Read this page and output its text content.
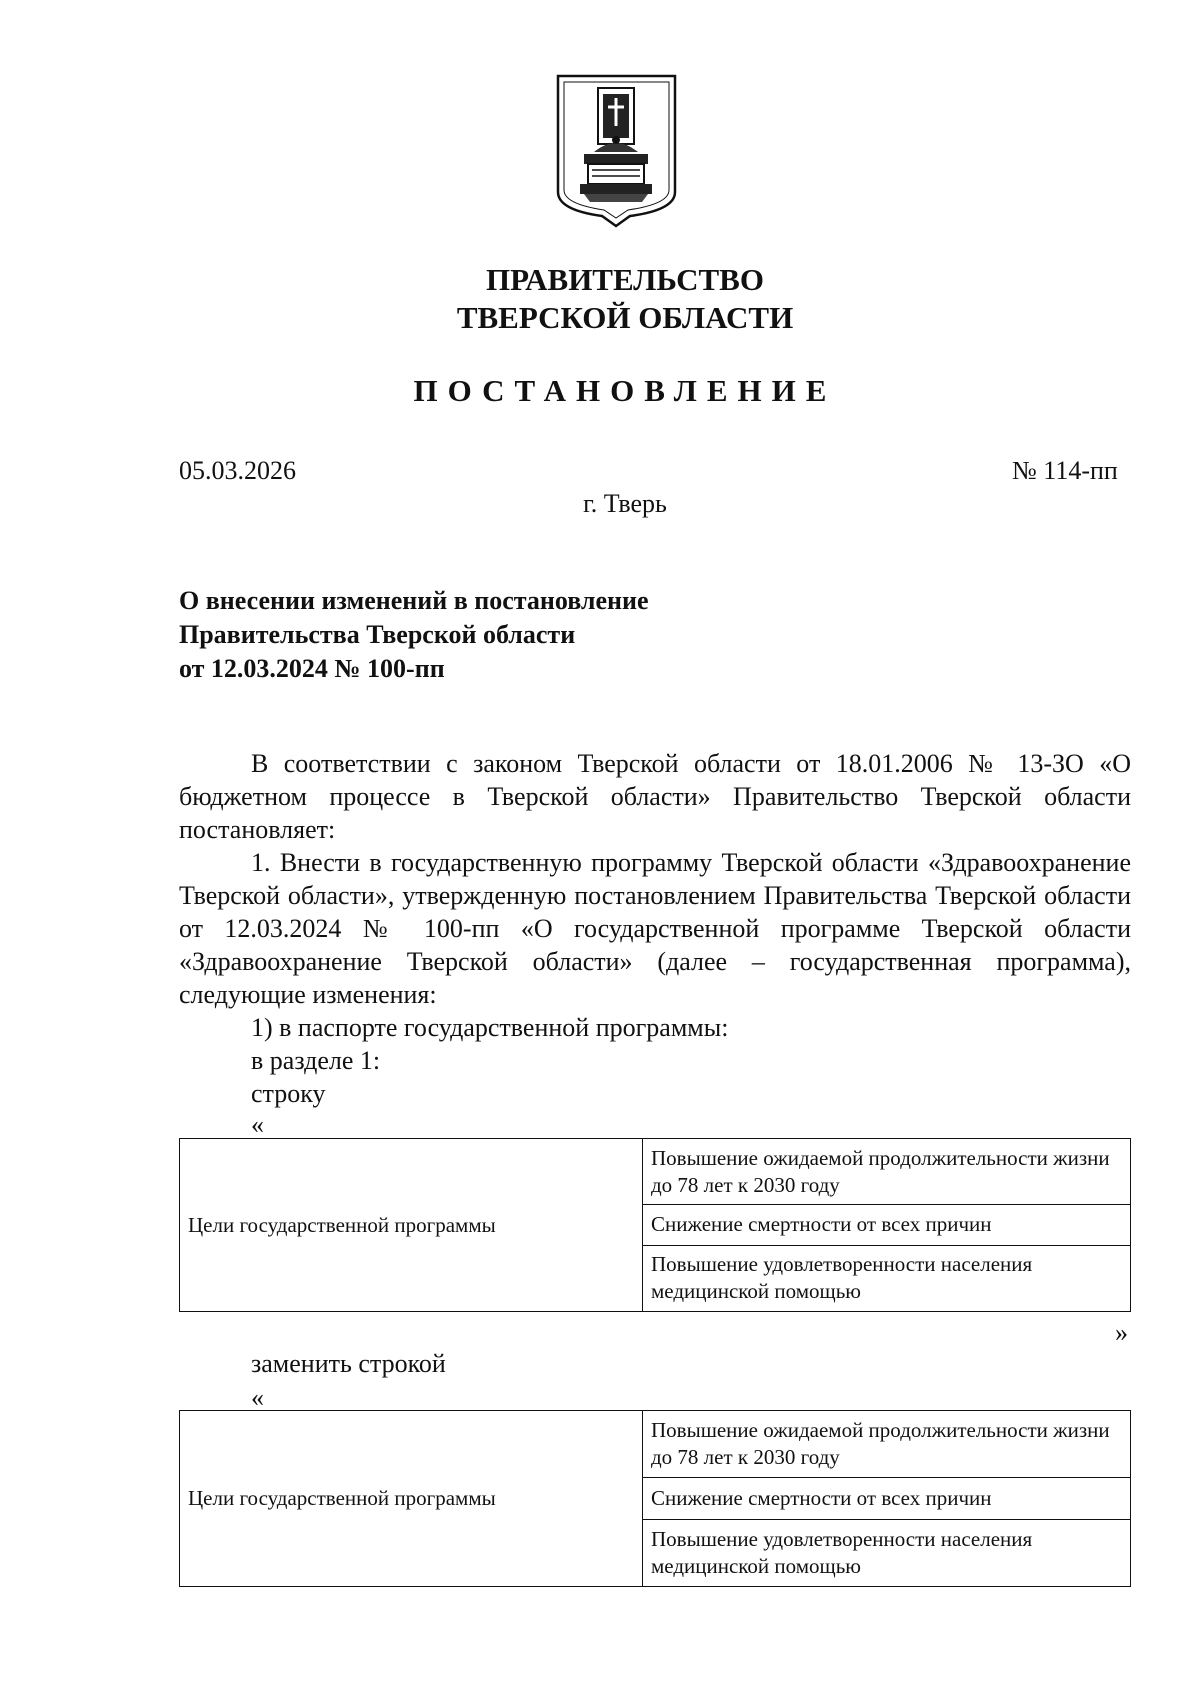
ПРАВИТЕЛЬСТВО
ТВЕРСКОЙ ОБЛАСТИ
ПОСТАНОВЛЕНИЕ
05.03.2026	№ 114-пп
г. Тверь
О внесении изменений в постановление
Правительства Тверской области
от 12.03.2024 № 100-пп
В соответствии с законом Тверской области от 18.01.2006 № 13-ЗО «О бюджетном процессе в Тверской области» Правительство Тверской области постановляет:
1. Внести в государственную программу Тверской области «Здравоохранение Тверской области», утвержденную постановлением Правительства Тверской области от 12.03.2024 № 100-пп «О государственной программе Тверской области «Здравоохранение Тверской области» (далее – государственная программа), следующие изменения:
1) в паспорте государственной программы:
в разделе 1:
строку
«
Цели государственной программы	Повышение ожидаемой продолжительности жизни до 78 лет к 2030 году
Снижение смертности от всех причин
Повышение удовлетворенности населения медицинской помощью
»
заменить строкой
«
Цели государственной программы	Повышение ожидаемой продолжительности жизни до 78 лет к 2030 году
Снижение смертности от всех причин
Повышение удовлетворенности населения медицинской помощью
